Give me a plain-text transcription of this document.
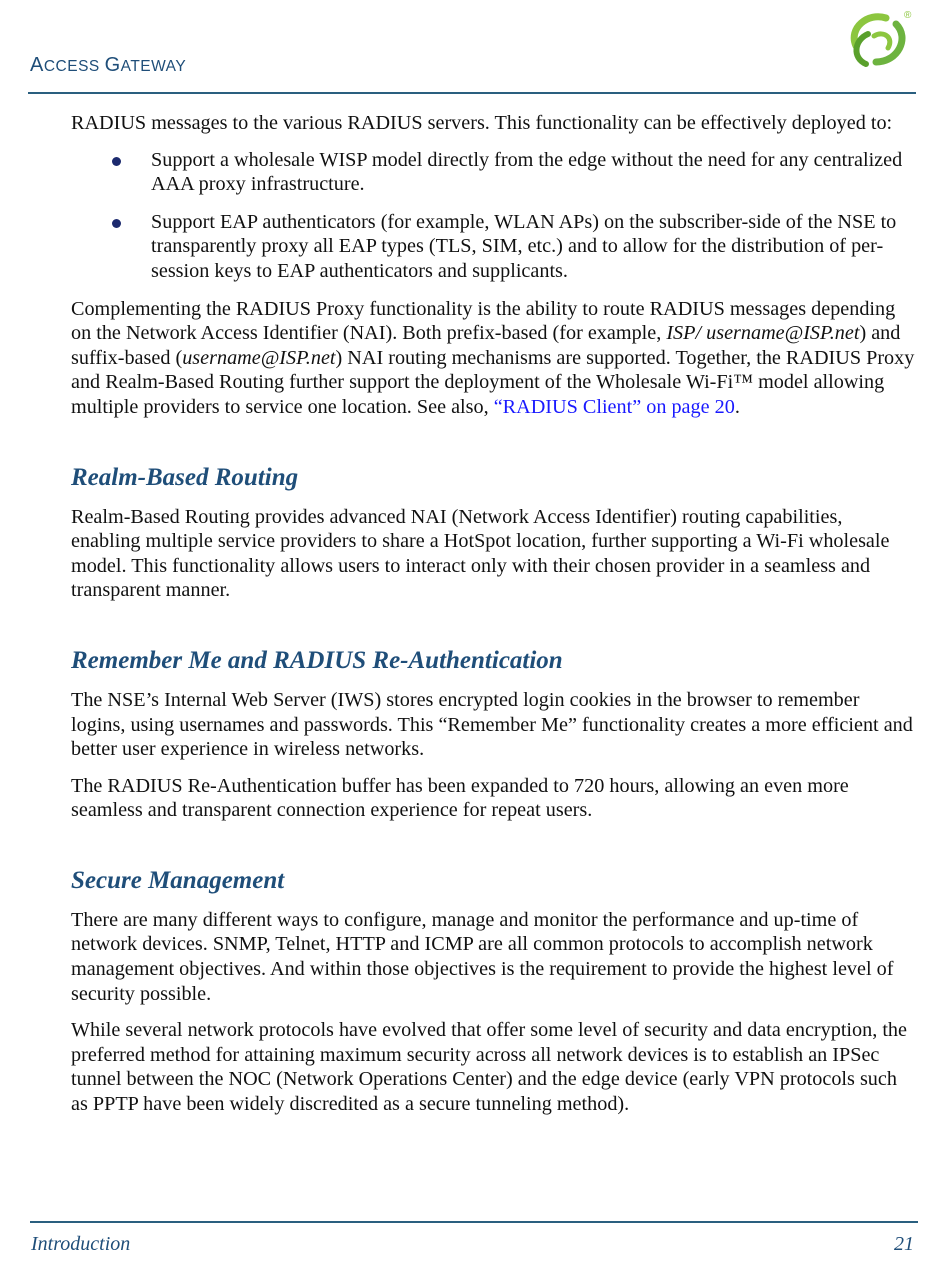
ACCESS GATEWAY
®

RADIUS messages to the various RADIUS servers. This functionality can be effectively deployed to:

Support a wholesale WISP model directly from the edge without the need for any centralized AAA proxy infrastructure.
Support EAP authenticators (for example, WLAN APs) on the subscriber-side of the NSE to transparently proxy all EAP types (TLS, SIM, etc.) and to allow for the distribution of per-session keys to EAP authenticators and supplicants.

Complementing the RADIUS Proxy functionality is the ability to route RADIUS messages depending on the Network Access Identifier (NAI). Both prefix-based (for example, ISP/ username@ISP.net) and suffix-based (username@ISP.net) NAI routing mechanisms are supported. Together, the RADIUS Proxy and Realm-Based Routing further support the deployment of the Wholesale Wi-Fi™ model allowing multiple providers to service one location. See also, “RADIUS Client” on page 20.

Realm-Based Routing

Realm-Based Routing provides advanced NAI (Network Access Identifier) routing capabilities, enabling multiple service providers to share a HotSpot location, further supporting a Wi-Fi wholesale model. This functionality allows users to interact only with their chosen provider in a seamless and transparent manner.

Remember Me and RADIUS Re-Authentication

The NSE’s Internal Web Server (IWS) stores encrypted login cookies in the browser to remember logins, using usernames and passwords. This “Remember Me” functionality creates a more efficient and better user experience in wireless networks.

The RADIUS Re-Authentication buffer has been expanded to 720 hours, allowing an even more seamless and transparent connection experience for repeat users.

Secure Management

There are many different ways to configure, manage and monitor the performance and up-time of network devices. SNMP, Telnet, HTTP and ICMP are all common protocols to accomplish network management objectives. And within those objectives is the requirement to provide the highest level of security possible.

While several network protocols have evolved that offer some level of security and data encryption, the preferred method for attaining maximum security across all network devices is to establish an IPSec tunnel between the NOC (Network Operations Center) and the edge device (early VPN protocols such as PPTP have been widely discredited as a secure tunneling method).

Introduction	21
